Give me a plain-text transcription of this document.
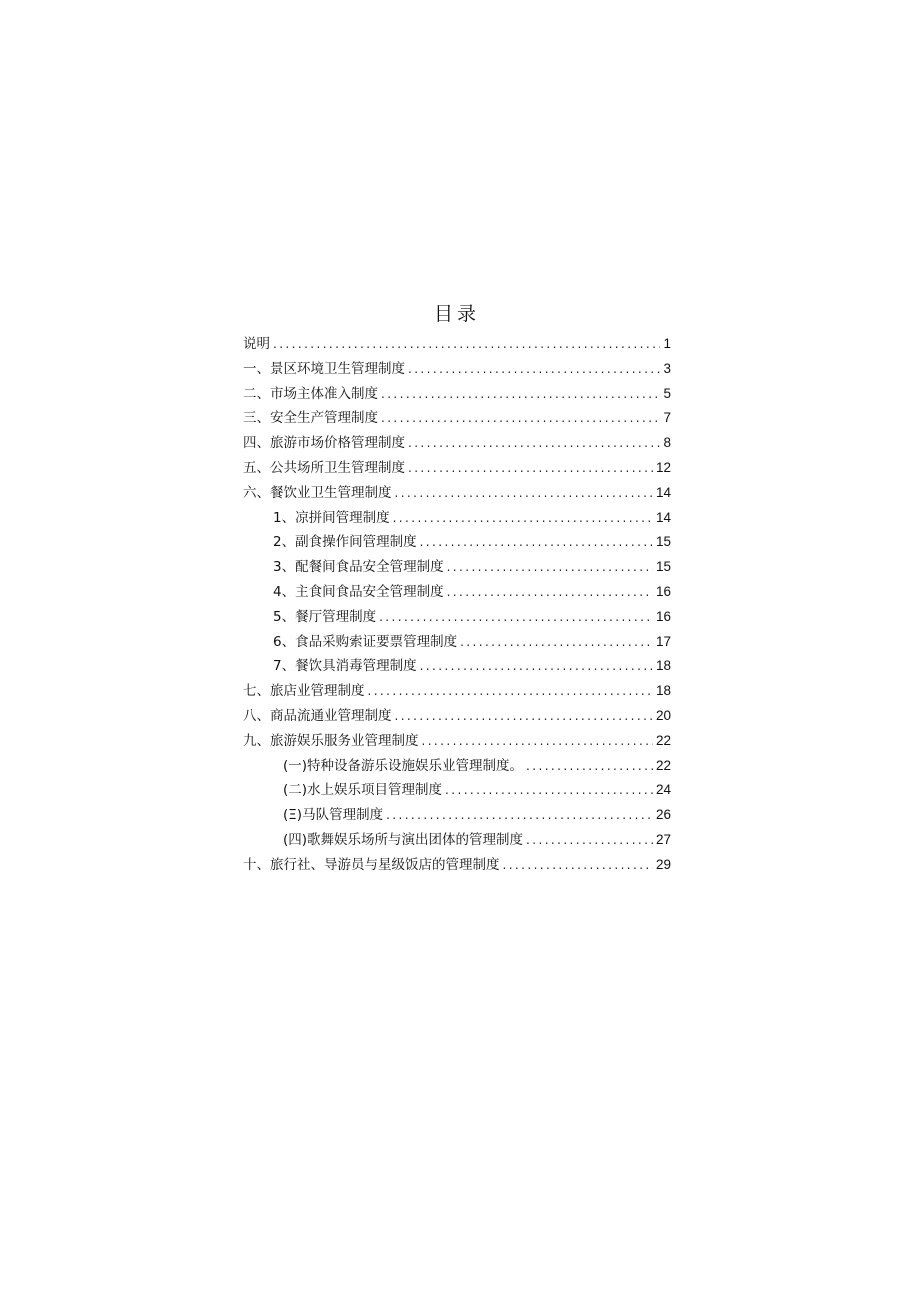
目录
说明 .....	1
一、景区环境卫生管理制度 .....	3
二、市场主体准入制度 .....	5
三、安全生产管理制度 .....	7
四、旅游市场价格管理制度 .....	8
五、公共场所卫生管理制度 .....	12
六、餐饮业卫生管理制度 .....	14
1、凉拼间管理制度 .....	14
2、副食操作间管理制度 .....	15
3、配餐间食品安全管理制度 .....	15
4、主食间食品安全管理制度 .....	16
5、餐厅管理制度 .....	16
6、食品采购索证要票管理制度 .....	17
7、餐饮具消毒管理制度 .....	18
七、旅店业管理制度 .....	18
八、商品流通业管理制度 .....	20
九、旅游娱乐服务业管理制度 .....	22
(一)特种设备游乐设施娱乐业管理制度。 .....	22
(二)水上娱乐项目管理制度 .....	24
(Ξ)马队管理制度 .....	26
(四)歌舞娱乐场所与演出团体的管理制度 .....	27
十、旅行社、导游员与星级饭店的管理制度 .....	29
